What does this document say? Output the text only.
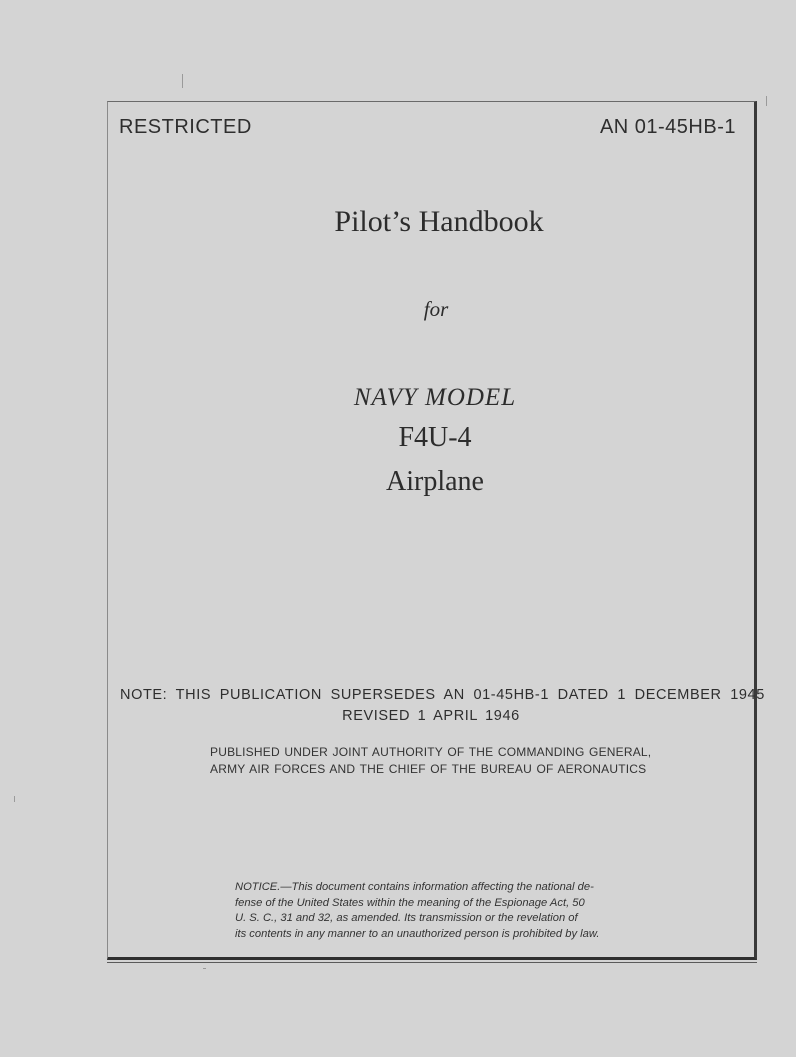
RESTRICTED	AN 01-45HB-1
Pilot’s Handbook
for
NAVY MODEL
F4U-4
Airplane
NOTE: THIS PUBLICATION SUPERSEDES AN 01-45HB-1 DATED 1 DECEMBER 1945
REVISED 1 APRIL 1946
PUBLISHED UNDER JOINT AUTHORITY OF THE COMMANDING GENERAL,
ARMY AIR FORCES AND THE CHIEF OF THE BUREAU OF AERONAUTICS
NOTICE.—This document contains information affecting the national de-
fense of the United States within the meaning of the Espionage Act, 50
U. S. C., 31 and 32, as amended. Its transmission or the revelation of
its contents in any manner to an unauthorized person is prohibited by law.
